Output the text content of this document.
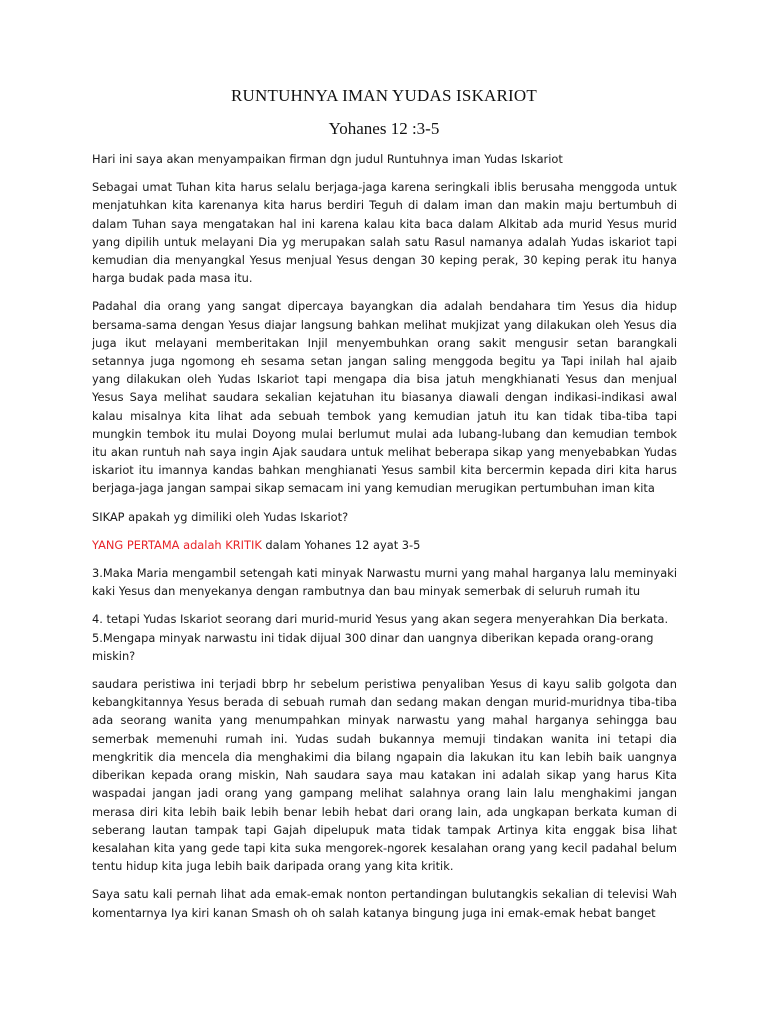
RUNTUHNYA IMAN YUDAS ISKARIOT
Yohanes 12 :3-5

Hari ini saya akan menyampaikan firman dgn judul Runtuhnya iman Yudas Iskariot

Sebagai umat Tuhan kita harus selalu berjaga-jaga karena seringkali iblis berusaha menggoda untuk menjatuhkan kita karenanya kita harus berdiri Teguh di dalam iman dan makin maju bertumbuh di dalam Tuhan saya mengatakan hal ini karena kalau kita baca dalam Alkitab ada murid Yesus murid yang dipilih untuk melayani Dia yg merupakan salah satu Rasul namanya adalah Yudas iskariot tapi kemudian dia menyangkal Yesus menjual Yesus dengan 30 keping perak, 30 keping perak itu hanya harga budak pada masa itu.

Padahal dia orang yang sangat dipercaya bayangkan dia adalah bendahara tim Yesus dia hidup bersama-sama dengan Yesus diajar langsung bahkan melihat mukjizat yang dilakukan oleh Yesus dia juga ikut melayani memberitakan Injil menyembuhkan orang sakit mengusir setan barangkali setannya juga ngomong eh sesama setan jangan saling menggoda begitu ya Tapi inilah hal ajaib yang dilakukan oleh Yudas Iskariot tapi mengapa dia bisa jatuh mengkhianati Yesus dan menjual Yesus Saya melihat saudara sekalian kejatuhan itu biasanya diawali dengan indikasi-indikasi awal kalau misalnya kita lihat ada sebuah tembok yang kemudian jatuh itu kan tidak tiba-tiba tapi mungkin tembok itu mulai Doyong mulai berlumut mulai ada lubang-lubang dan kemudian tembok itu akan runtuh nah saya ingin Ajak saudara untuk melihat beberapa sikap yang menyebabkan Yudas iskariot itu imannya kandas bahkan menghianati Yesus sambil kita bercermin kepada diri kita harus berjaga-jaga jangan sampai sikap semacam ini yang kemudian merugikan pertumbuhan iman kita

SIKAP apakah yg dimiliki oleh Yudas Iskariot?

YANG PERTAMA adalah KRITIK dalam Yohanes 12 ayat 3-5

3.Maka Maria mengambil setengah kati minyak Narwastu murni yang mahal harganya lalu meminyaki kaki Yesus dan menyekanya dengan rambutnya dan bau minyak semerbak di seluruh rumah itu

4. tetapi Yudas Iskariot seorang dari murid-murid Yesus yang akan segera menyerahkan Dia berkata.
5.Mengapa minyak narwastu ini tidak dijual 300 dinar dan uangnya diberikan kepada orang-orang miskin?

saudara peristiwa ini terjadi bbrp hr sebelum peristiwa penyaliban Yesus di kayu salib golgota dan kebangkitannya Yesus berada di sebuah rumah dan sedang makan dengan murid-muridnya tiba-tiba ada seorang wanita yang menumpahkan minyak narwastu yang mahal harganya sehingga bau semerbak memenuhi rumah ini. Yudas sudah bukannya memuji tindakan wanita ini tetapi dia mengkritik dia mencela dia menghakimi dia bilang ngapain dia lakukan itu kan lebih baik uangnya diberikan kepada orang miskin, Nah saudara saya mau katakan ini adalah sikap yang harus Kita waspadai jangan jadi orang yang gampang melihat salahnya orang lain lalu menghakimi jangan merasa diri kita lebih baik lebih benar lebih hebat dari orang lain, ada ungkapan berkata kuman di seberang lautan tampak tapi Gajah dipelupuk mata tidak tampak Artinya kita enggak bisa lihat kesalahan kita yang gede tapi kita suka mengorek-ngorek kesalahan orang yang kecil padahal belum tentu hidup kita juga lebih baik daripada orang yang kita kritik.

Saya satu kali pernah lihat ada emak-emak nonton pertandingan bulutangkis sekalian di televisi Wah komentarnya Iya kiri kanan Smash oh oh salah katanya bingung juga ini emak-emak hebat banget
